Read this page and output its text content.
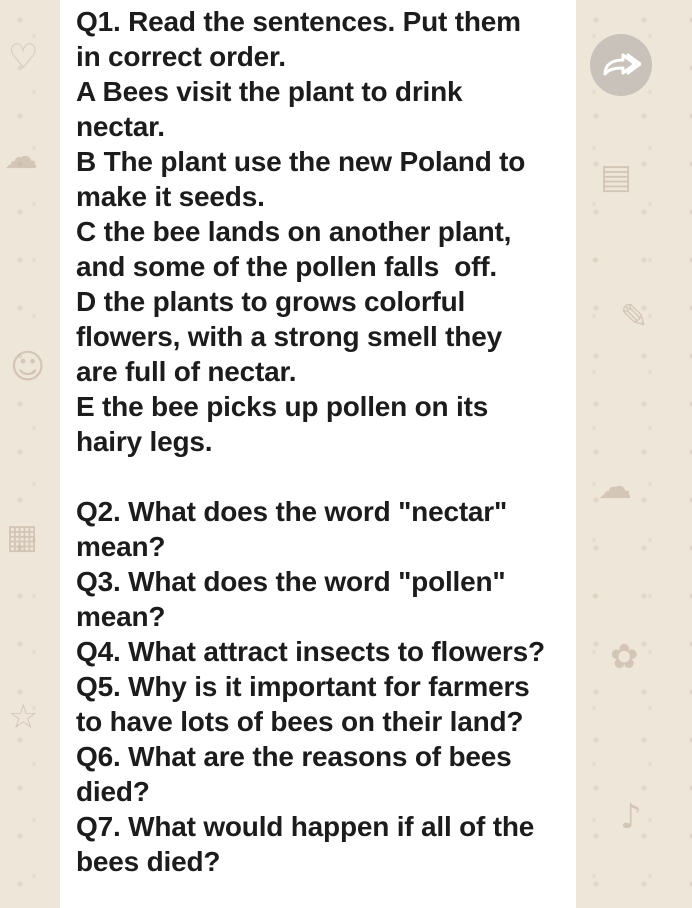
♡
☁
☺
▦
☆
▤
✎
☁
✿
♪
Q1. Read the sentences. Put them
in correct order.
A Bees visit the plant to drink
nectar.
B The plant use the new Poland to
make it seeds.
C the bee lands on another plant,
and some of the pollen falls  off.
D the plants to grows colorful
flowers, with a strong smell they
are full of nectar.
E the bee picks up pollen on its
hairy legs.
Q2. What does the word "nectar"
mean?
Q3. What does the word "pollen"
mean?
Q4. What attract insects to flowers?
Q5. Why is it important for farmers
to have lots of bees on their land?
Q6. What are the reasons of bees
died?
Q7. What would happen if all of the
bees died?
